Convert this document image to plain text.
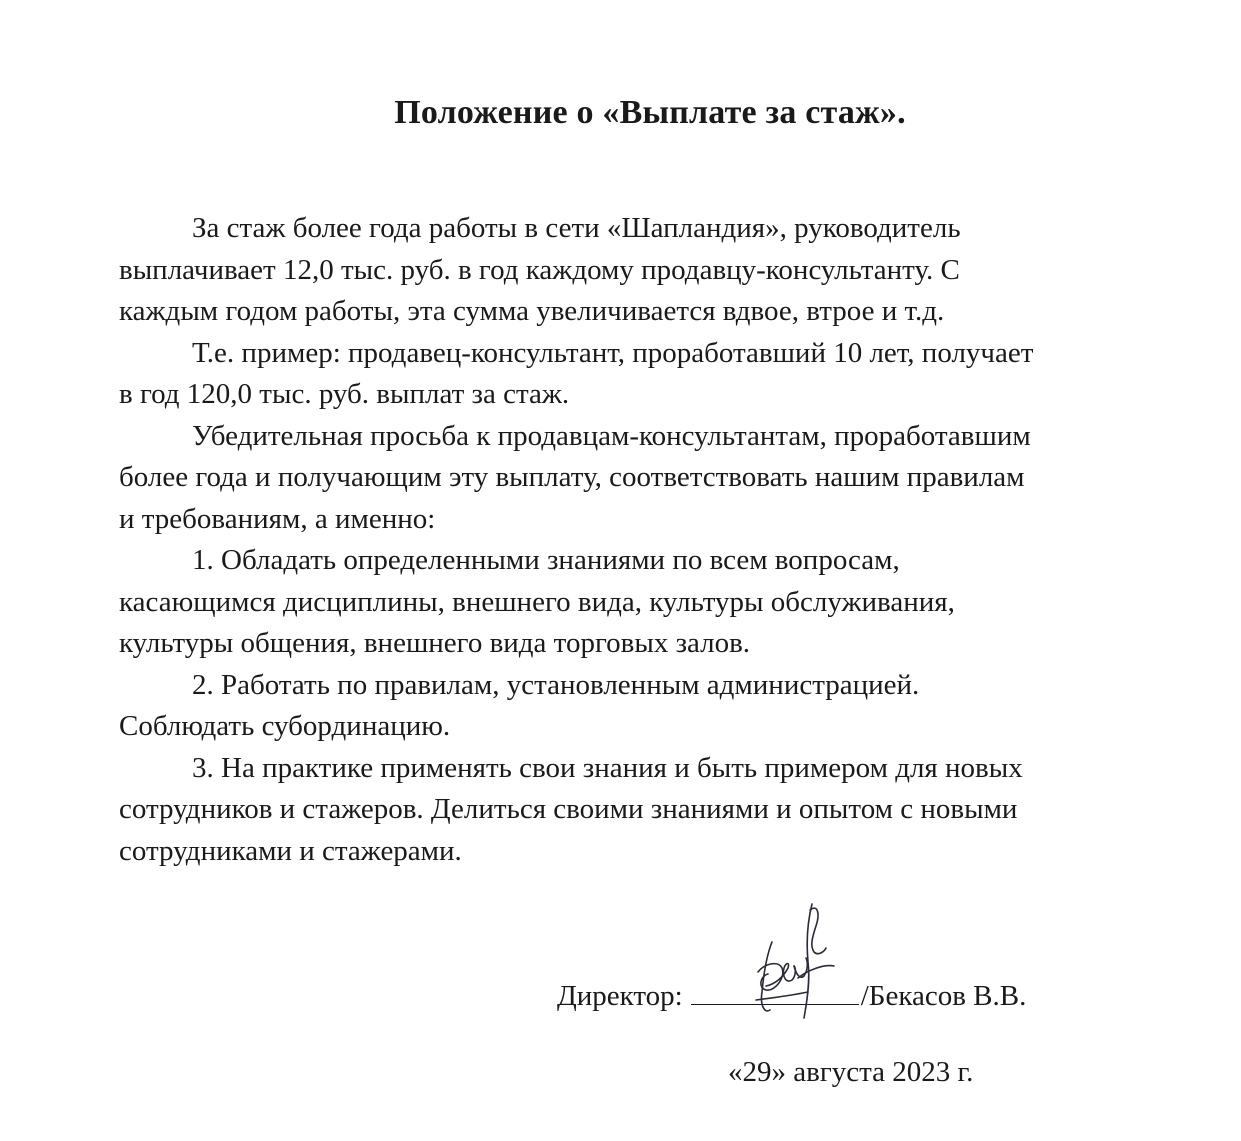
Положение о «Выплате за стаж».
За стаж более года работы в сети «Шапландия», руководитель
выплачивает 12,0 тыс. руб. в год каждому продавцу-консультанту. С
каждым годом работы, эта сумма увеличивается вдвое, втрое и т.д.
Т.е. пример: продавец-консультант, проработавший 10 лет, получает
в год 120,0 тыс. руб. выплат за стаж.
Убедительная просьба к продавцам-консультантам, проработавшим
более года и получающим эту выплату, соответствовать нашим правилам
и требованиям, а именно:
1. Обладать определенными знаниями по всем вопросам,
касающимся дисциплины, внешнего вида, культуры обслуживания,
культуры общения, внешнего вида торговых залов.
2. Работать по правилам, установленным администрацией.
Соблюдать субординацию.
3. На практике применять свои знания и быть примером для новых
сотрудников и стажеров. Делиться своими знаниями и опытом с новыми
сотрудниками и стажерами.
Директор:	/Бекасов В.В.
«29» августа 2023 г.
